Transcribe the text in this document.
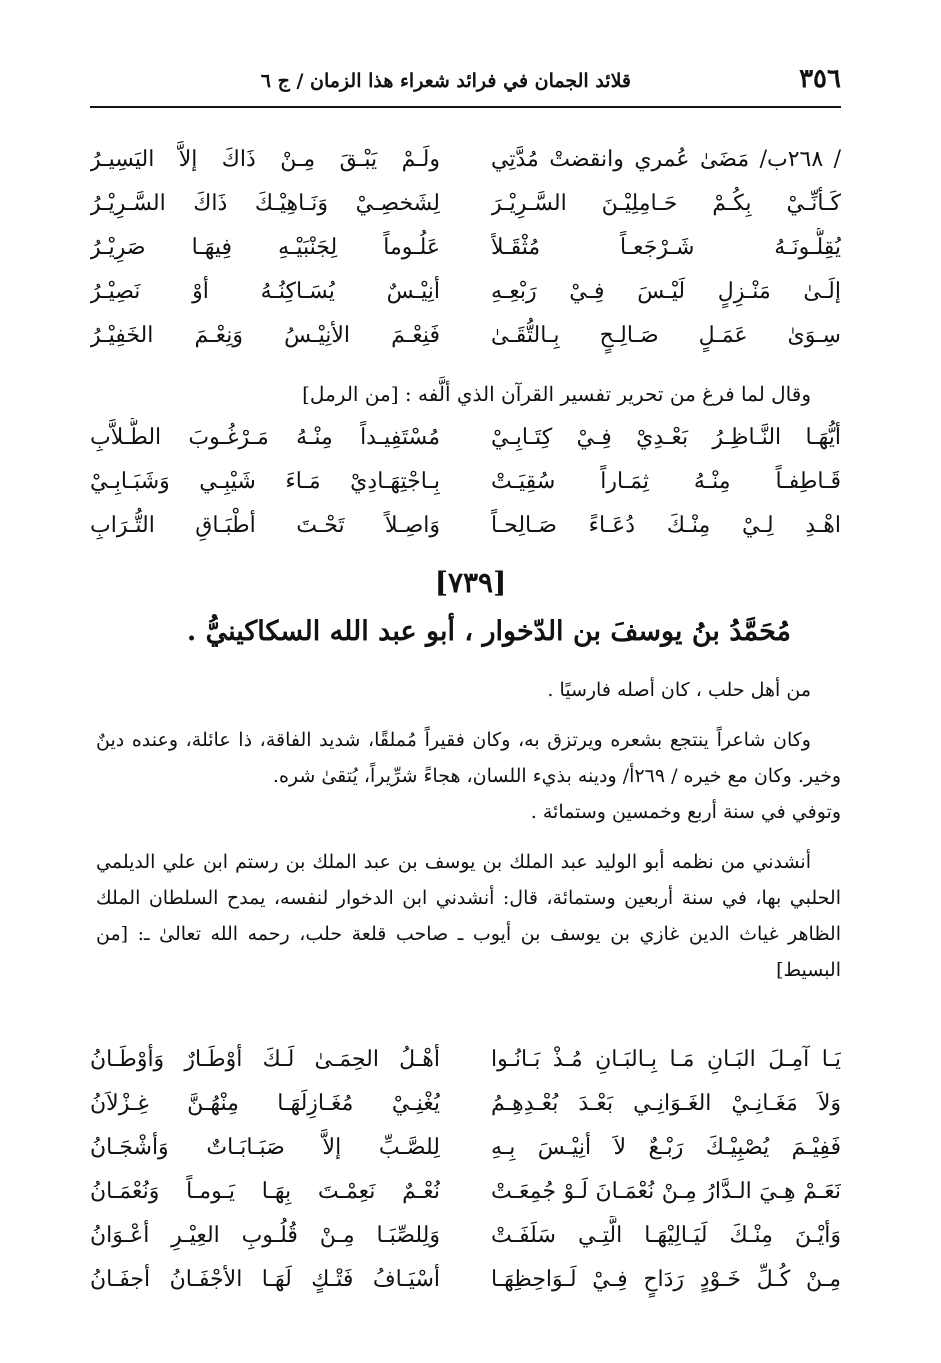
٣٥٦
قلائد الجمان في فرائد شعراء هذا الزمان / ج ٦
/ ٢٦٨ب/ مَضَىٰ عُمري وانقضتْ مُدَّتِي
ولَـمْ يَبْـقَ مِـنْ ذَاكَ إلاَّ اليَسِيـرُ
كَـأنِّـيْ بِكُـمْ حَـامِلِيْـنَ السَّـرِيْـرَ
لِشَخصِـيْ وَنَـاهِيْـكَ ذَاكَ السَّـرِيْـرُ
يُقِلُّـونَـهُ شَـرْجَعـاً مُثْقَـلاً
عَلُـوماً لِجَنْبَيْـهِ فِيهَـا صَرِيْـرُ
إلَـىٰ مَنْـزِلٍ لَيْـسَ فِـيْ رَبْعِـهِ
أنِيْـسٌ يُسَـاكِنُـهُ أوْ نَصِيْـرُ
سِـوَىٰ عَمَـلٍ صَـالِـحٍ بِـالتُّقَـىٰ
فَنِعْـمَ الأنِيْـسُ وَنِعْـمَ الخَفِيْـرُ
وقال لما فرغ من تحرير تفسير القرآن الذي ألَّفه : [من الرمل]
أيُّهَـا النَّـاظِـرُ بَعْـدِيْ فِـيْ كِتَـابِـيْ
مُسْتَفِيـداً مِنْـهُ مَـرْغُـوبَ الطُّـلاَّبِ
قَـاطِفـاً مِنْـهُ ثِمَـاراً سُقِيَـتْ
بِـاجْتِهَـادِيْ مَـاءَ شَيْبِـي وَشَبَـابِـيْ
اهْـدِ لِـيْ مِنْـكَ دُعَـاءً صَـالِحـاً
وَاصِـلاً تَحْـتَ أطْبَـاقِ التُّـرَابِ
[٧٣٩]
مُحَمَّدُ بنُ يوسفَ بن الدّخوار ، أبو عبد الله السكاكينيُّ .

من أهل حلب ، كان أصله فارسيًا .

وكان شاعراً ينتجع بشعره ويرتزق به، وكان فقيراً مُملقًا، شديد الفاقة، ذا عائلة، وعنده دينٌ وخير. وكان مع خيره / ٢٦٩أ/ ودينه بذيء اللسان، هجاءً شرِّيراً، يُتقىٰ شره.

وتوفي في سنة أربع وخمسين وستمائة .

أنشدني من نظمه أبو الوليد عبد الملك بن يوسف بن عبد الملك بن رستم ابن علي الديلمي الحلبي بها، في سنة أربعين وستمائة، قال: أنشدني ابن الدخوار لنفسه، يمدح السلطان الملك الظاهر غياث الدين غازي بن يوسف بن أيوب ـ صاحب قلعة حلب، رحمه الله تعالىٰ ـ: [من البسيط]

يَـا آمِـلَ البَـانِ مَـا بِـالبَـانِ مُـذْ بَـانُـوا
أهْـلُ الحِمَـىٰ لَـكَ أوْطَـارٌ وَأوْطَـانُ
وَلاَ مَغَـانِـيْ الغَـوَانِـي بَعْـدَ بُعْـدِهِـمُ
يُغْنِـيْ مُغَـازِلَهَـا مِنْهُـنَّ غِـزْلاَنُ
فَفِيْـمَ يُصْبِيْـكَ رَبْـعٌ لاَ أنِيْـسَ بِـهِ
لِلصَّـبِّ إلاَّ صَبَـابَـاتٌ وَأشْجَـانُ
نَعَـمْ هِـيَ الـدَّارُ مِـنْ نُعْمَـانَ لَـوْ جُمِعَـتْ
نُعْـمٌ نَعِمْـتَ بِهَـا يَـومـاً وَنُعْمَـانُ
وَأيْـنَ مِنْـكَ لَيَـالِيْهَـا الَّتِـي سَلَفَـتْ
وَلِلصِّبَـا مِـنْ قُلُـوبِ العِيْـرِ أعْـوَانُ
مِـنْ كُـلِّ خَـوْدٍ رَدَاحٍ فِـيْ لَـوَاحِظِهَـا
أسْيَـافُ فَتْـكٍ لَهَـا الأجْفَـانُ أجفَـانُ
